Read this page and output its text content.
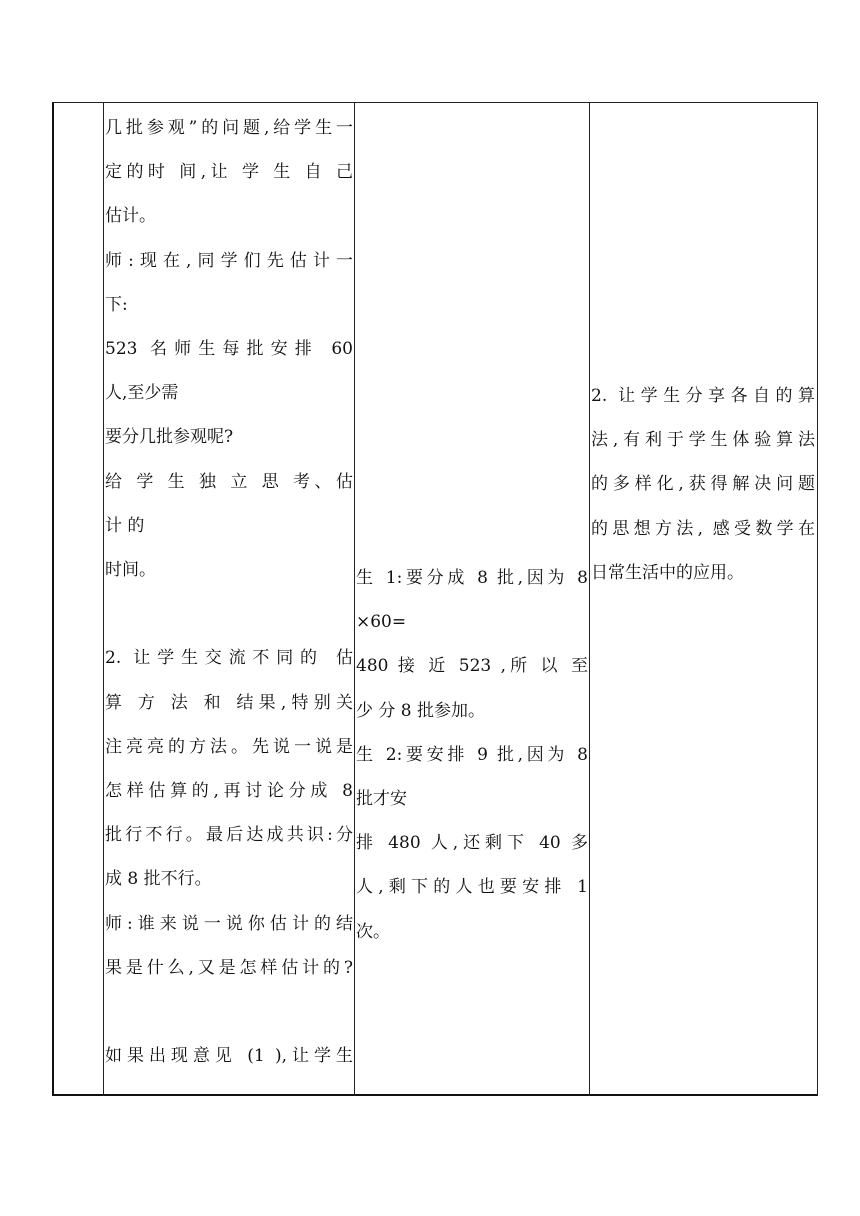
几批参观”的问题,给学生一
定的时 间,让 学 生 自 己
估计。
师:现在,同学们先估计一
下:
523 名师生每批安排 60
人,至少需
要分几批参观呢?
给 学 生 独 立 思 考、估
计 的
时间。
2. 让学生交流不同的 估
算 方 法 和 结果,特别关
注亮亮的方法。先说一说是
怎样估算的,再讨论分成 8
批行不行。最后达成共识:分
成 8 批不行。
师:谁来说一说你估计的结
果是什么,又是怎样估计的?
如果出现意见 (1 ),让学生
生 1:要分成 8 批,因为 8
×60=
480 接 近 523 ,所 以 至
少 分 8 批参加。
生 2:要安排 9 批,因为 8
批才安
排 480 人,还剩下 40 多
人,剩下的人也要安排 1
次。
2. 让学生分享各自的算
法,有利于学生体验算法
的多样化,获得解决问题
的思想方法, 感受数学在
日常生活中的应用。
